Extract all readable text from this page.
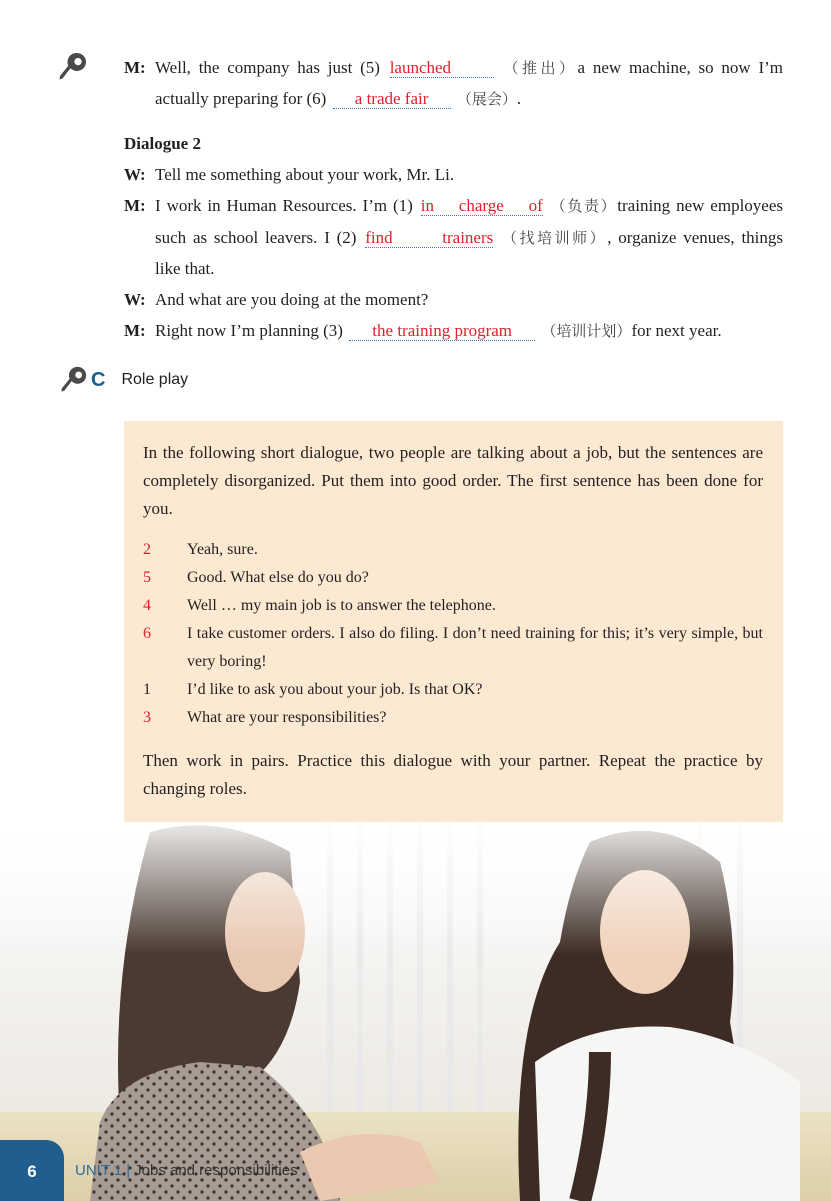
M: Well, the company has just (5) launched	（推出）a new machine, so now I’m
actually preparing for (6) a trade fair （展会）.
Dialogue 2
W: Tell me something about your work, Mr. Li.
M: I work in Human Resources. I’m (1) in charge of （负责）training new employees
such as school leavers. I (2) find trainers （找培训师）, organize venues, things
like that.
W: And what are you doing at the moment?
M: Right now I’m planning (3) the training program （培训计划）for next year.
C Role play

In the following short dialogue, two people are talking about a job, but the sentences are completely disorganized. Put them into good order. The first sentence has been done for you.

2	Yeah, sure.
5	Good. What else do you do?
4	Well … my main job is to answer the telephone.
6	I take customer orders. I also do filing. I don’t need training for this; it’s very simple, but very boring!
1	I’d like to ask you about your job. Is that OK?
3	What are your responsibilities?

Then work in pairs. Practice this dialogue with your partner. Repeat the practice by changing roles.

6	UNIT 1 | Jobs and responsibilities
